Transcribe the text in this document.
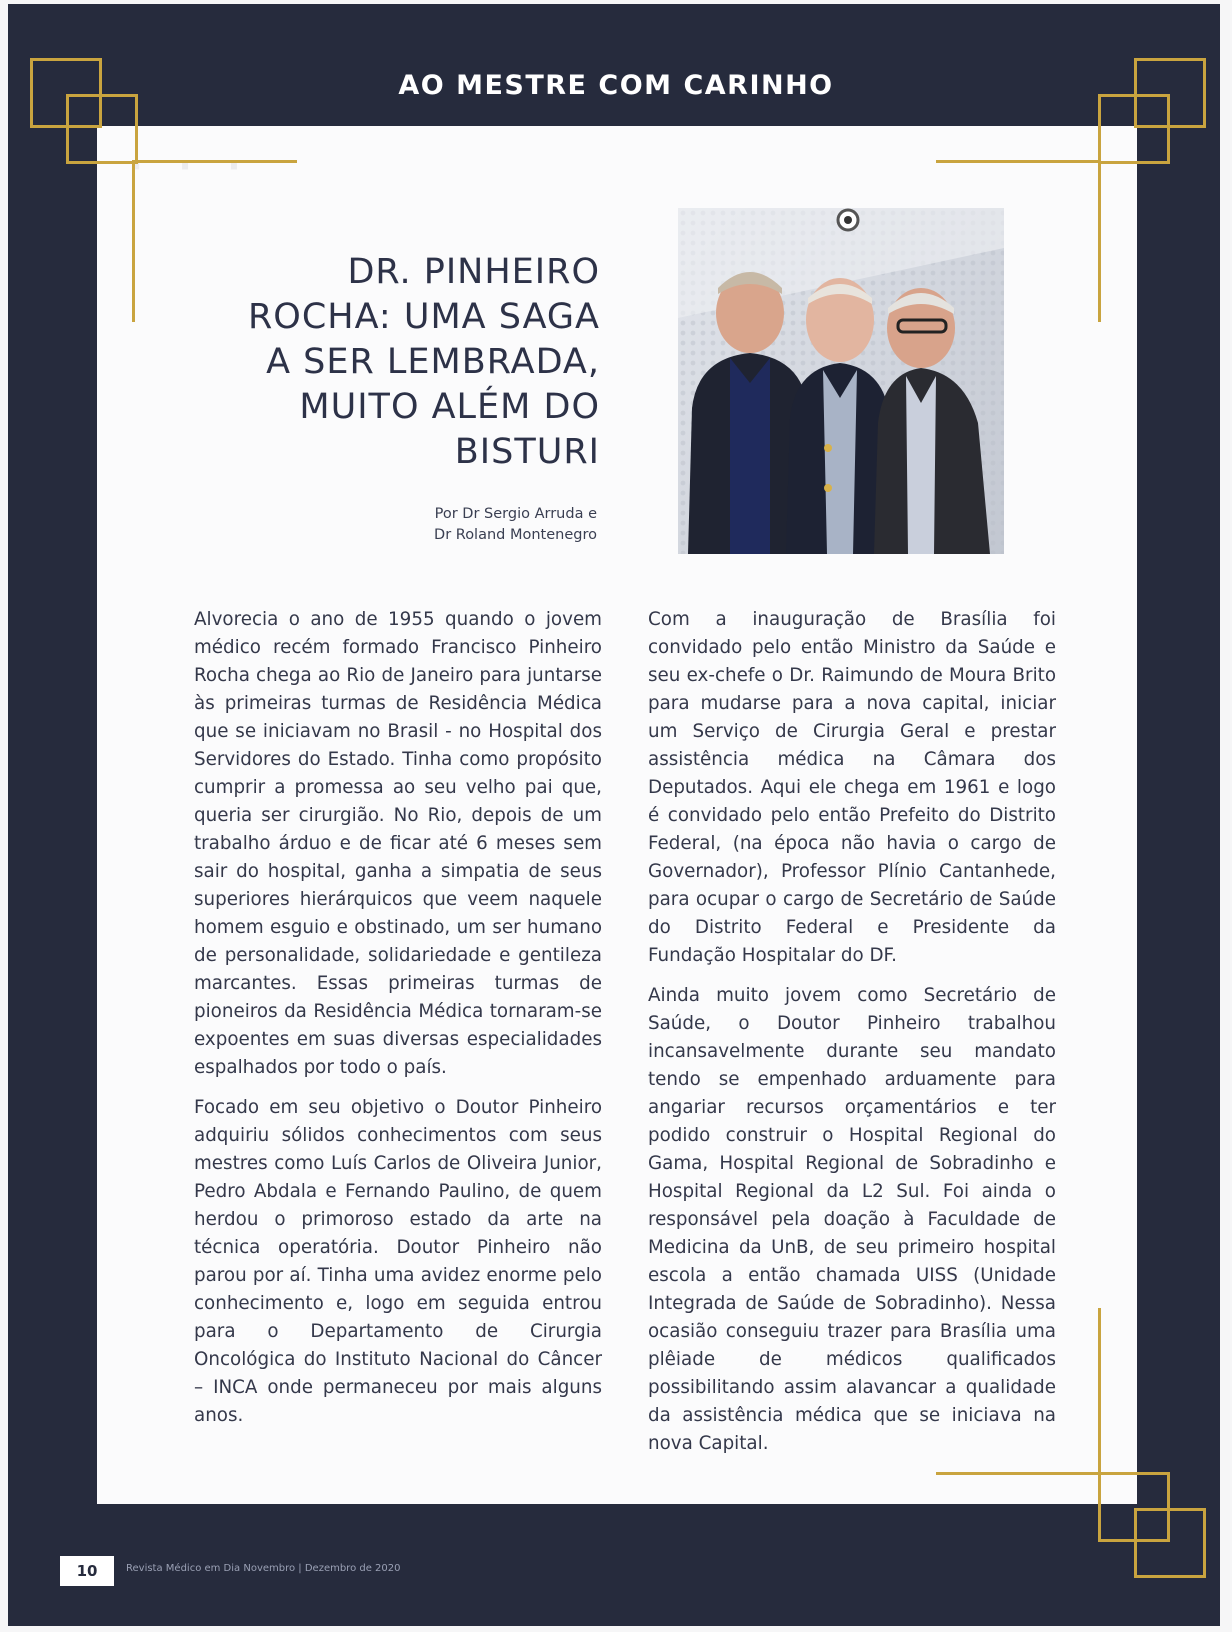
· · ·
AO MESTRE COM CARINHO
DR. PINHEIRO
ROCHA: UMA SAGA
A SER LEMBRADA,
MUITO ALÉM DO
BISTURI
Por Dr Sergio Arruda e
Dr Roland Montenegro

Alvorecia o ano de 1955 quando o jovem médico recém formado Francisco Pinheiro Rocha chega ao Rio de Janeiro para juntarse às primeiras turmas de Residência Médica que se iniciavam no Brasil - no Hospital dos Servidores do Estado. Tinha como propósito cumprir a promessa ao seu velho pai que, queria ser cirurgião. No Rio, depois de um trabalho árduo e de ficar até 6 meses sem sair do hospital, ganha a simpatia de seus superiores hierárquicos que veem naquele homem esguio e obstinado, um ser humano de personalidade, solidariedade e gentileza marcantes. Essas primeiras turmas de pioneiros da Residência Médica tornaram-se expoentes em suas diversas especialidades espalhados por todo o país.

Focado em seu objetivo o Doutor Pinheiro adquiriu sólidos conhecimentos com seus mestres como Luís Carlos de Oliveira Junior, Pedro Abdala e Fernando Paulino, de quem herdou o primoroso estado da arte na técnica operatória. Doutor Pinheiro não parou por aí. Tinha uma avidez enorme pelo conhecimento e, logo em seguida entrou para o Departamento de Cirurgia Oncológica do Instituto Nacional do Câncer – INCA onde permaneceu por mais alguns anos.

Com a inauguração de Brasília foi convidado pelo então Ministro da Saúde e seu ex-chefe o Dr. Raimundo de Moura Brito para mudarse para a nova capital, iniciar um Serviço de Cirurgia Geral e prestar assistência médica na Câmara dos Deputados. Aqui ele chega em 1961 e logo é convidado pelo então Prefeito do Distrito Federal, (na época não havia o cargo de Governador), Professor Plínio Cantanhede, para ocupar o cargo de Secretário de Saúde do Distrito Federal e Presidente da Fundação Hospitalar do DF.

Ainda muito jovem como Secretário de Saúde, o Doutor Pinheiro trabalhou incansavelmente durante seu mandato tendo se empenhado arduamente para angariar recursos orçamentários e ter podido construir o Hospital Regional do Gama, Hospital Regional de Sobradinho e Hospital Regional da L2 Sul. Foi ainda o responsável pela doação à Faculdade de Medicina da UnB, de seu primeiro hospital escola a então chamada UISS (Unidade Integrada de Saúde de Sobradinho). Nessa ocasião conseguiu trazer para Brasília uma plêiade de médicos qualificados possibilitando assim alavancar a qualidade da assistência médica que se iniciava na nova Capital.

10	Revista Médico em Dia Novembro | Dezembro de 2020
